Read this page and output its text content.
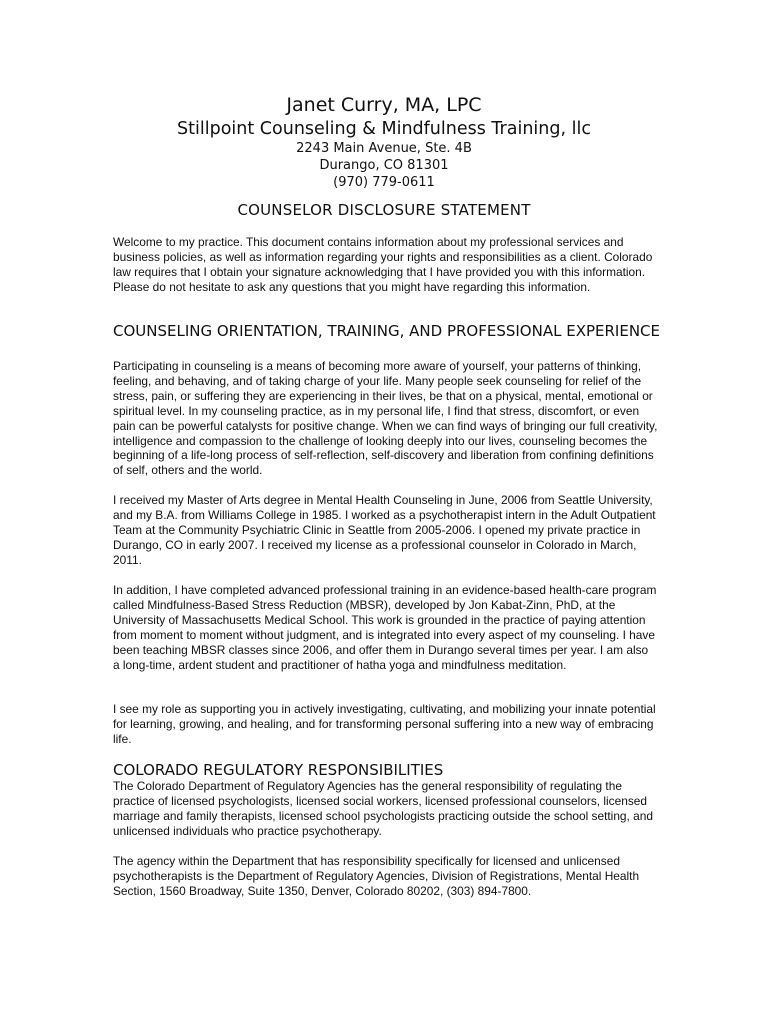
Janet Curry, MA, LPC
Stillpoint Counseling & Mindfulness Training, llc
2243 Main Avenue, Ste. 4B
Durango, CO 81301
(970) 779-0611
COUNSELOR DISCLOSURE STATEMENT

Welcome to my practice. This document contains information about my professional services and business policies, as well as information regarding your rights and responsibilities as a client. Colorado law requires that I obtain your signature acknowledging that I have provided you with this information. Please do not hesitate to ask any questions that you might have regarding this information.

COUNSELING ORIENTATION, TRAINING, AND PROFESSIONAL EXPERIENCE

Participating in counseling is a means of becoming more aware of yourself, your patterns of thinking, feeling, and behaving, and of taking charge of your life. Many people seek counseling for relief of the stress, pain, or suffering they are experiencing in their lives, be that on a physical, mental, emotional or spiritual level. In my counseling practice, as in my personal life, I find that stress, discomfort, or even pain can be powerful catalysts for positive change. When we can find ways of bringing our full creativity, intelligence and compassion to the challenge of looking deeply into our lives, counseling becomes the beginning of a life-long process of self-reflection, self-discovery and liberation from confining definitions of self, others and the world.

I received my Master of Arts degree in Mental Health Counseling in June, 2006 from Seattle University, and my B.A. from Williams College in 1985. I worked as a psychotherapist intern in the Adult Outpatient Team at the Community Psychiatric Clinic in Seattle from 2005-2006. I opened my private practice in Durango, CO in early 2007. I received my license as a professional counselor in Colorado in March, 2011.

In addition, I have completed advanced professional training in an evidence-based health-care program called Mindfulness-Based Stress Reduction (MBSR), developed by Jon Kabat-Zinn, PhD, at the University of Massachusetts Medical School. This work is grounded in the practice of paying attention from moment to moment without judgment, and is integrated into every aspect of my counseling. I have been teaching MBSR classes since 2006, and offer them in Durango several times per year. I am also a long-time, ardent student and practitioner of hatha yoga and mindfulness meditation.

I see my role as supporting you in actively investigating, cultivating, and mobilizing your innate potential for learning, growing, and healing, and for transforming personal suffering into a new way of embracing life.

COLORADO REGULATORY RESPONSIBILITIES

The Colorado Department of Regulatory Agencies has the general responsibility of regulating the practice of licensed psychologists, licensed social workers, licensed professional counselors, licensed marriage and family therapists, licensed school psychologists practicing outside the school setting, and unlicensed individuals who practice psychotherapy.

The agency within the Department that has responsibility specifically for licensed and unlicensed psychotherapists is the Department of Regulatory Agencies, Division of Registrations, Mental Health Section, 1560 Broadway, Suite 1350, Denver, Colorado 80202, (303) 894-7800.
